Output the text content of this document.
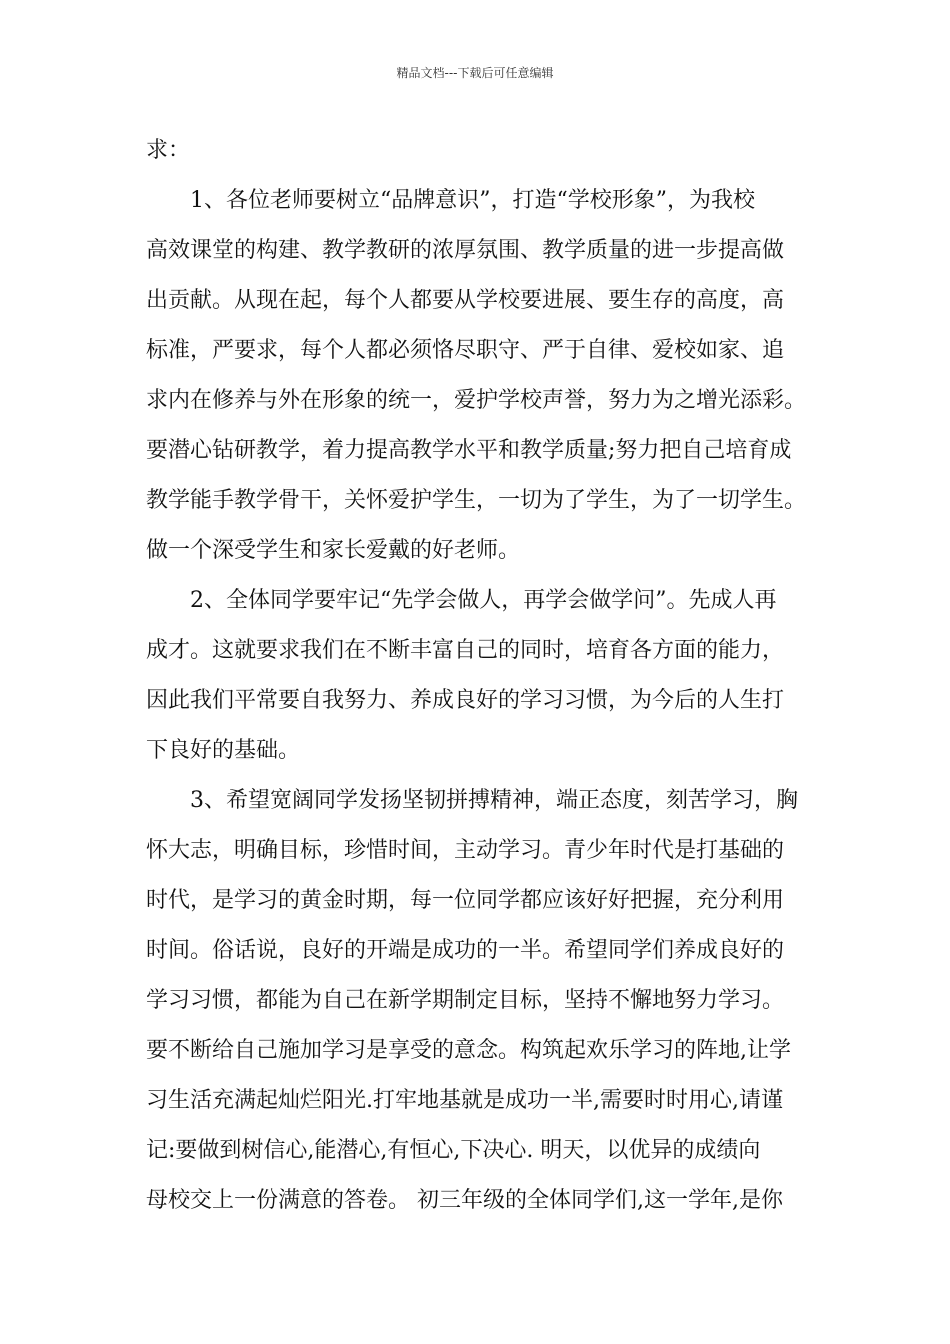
精品文档---下载后可任意编辑
求：
1、各位老师要树立“品牌意识”，打造“学校形象”，为我校
高效课堂的构建、教学教研的浓厚氛围、教学质量的进一步提高做
出贡献。从现在起，每个人都要从学校要进展、要生存的高度，高
标准，严要求，每个人都必须恪尽职守、严于自律、爱校如家、追
求内在修养与外在形象的统一，爱护学校声誉，努力为之增光添彩。
要潜心钻研教学，着力提高教学水平和教学质量;努力把自己培育成
教学能手教学骨干，关怀爱护学生，一切为了学生，为了一切学生。
做一个深受学生和家长爱戴的好老师。
2、全体同学要牢记“先学会做人，再学会做学问”。先成人再
成才。这就要求我们在不断丰富自己的同时，培育各方面的能力，
因此我们平常要自我努力、养成良好的学习习惯，为今后的人生打
下良好的基础。
3、希望宽阔同学发扬坚韧拼搏精神，端正态度，刻苦学习，胸
怀大志，明确目标，珍惜时间，主动学习。青少年时代是打基础的
时代，是学习的黄金时期，每一位同学都应该好好把握，充分利用
时间。俗话说，良好的开端是成功的一半。希望同学们养成良好的
学习习惯，都能为自己在新学期制定目标，坚持不懈地努力学习。
要不断给自己施加学习是享受的意念。构筑起欢乐学习的阵地,让学
习生活充满起灿烂阳光.打牢地基就是成功一半,需要时时用心,请谨
记:要做到树信心,能潜心,有恒心,下决心. 明天，以优异的成绩向
母校交上一份满意的答卷。 初三年级的全体同学们,这一学年,是你
